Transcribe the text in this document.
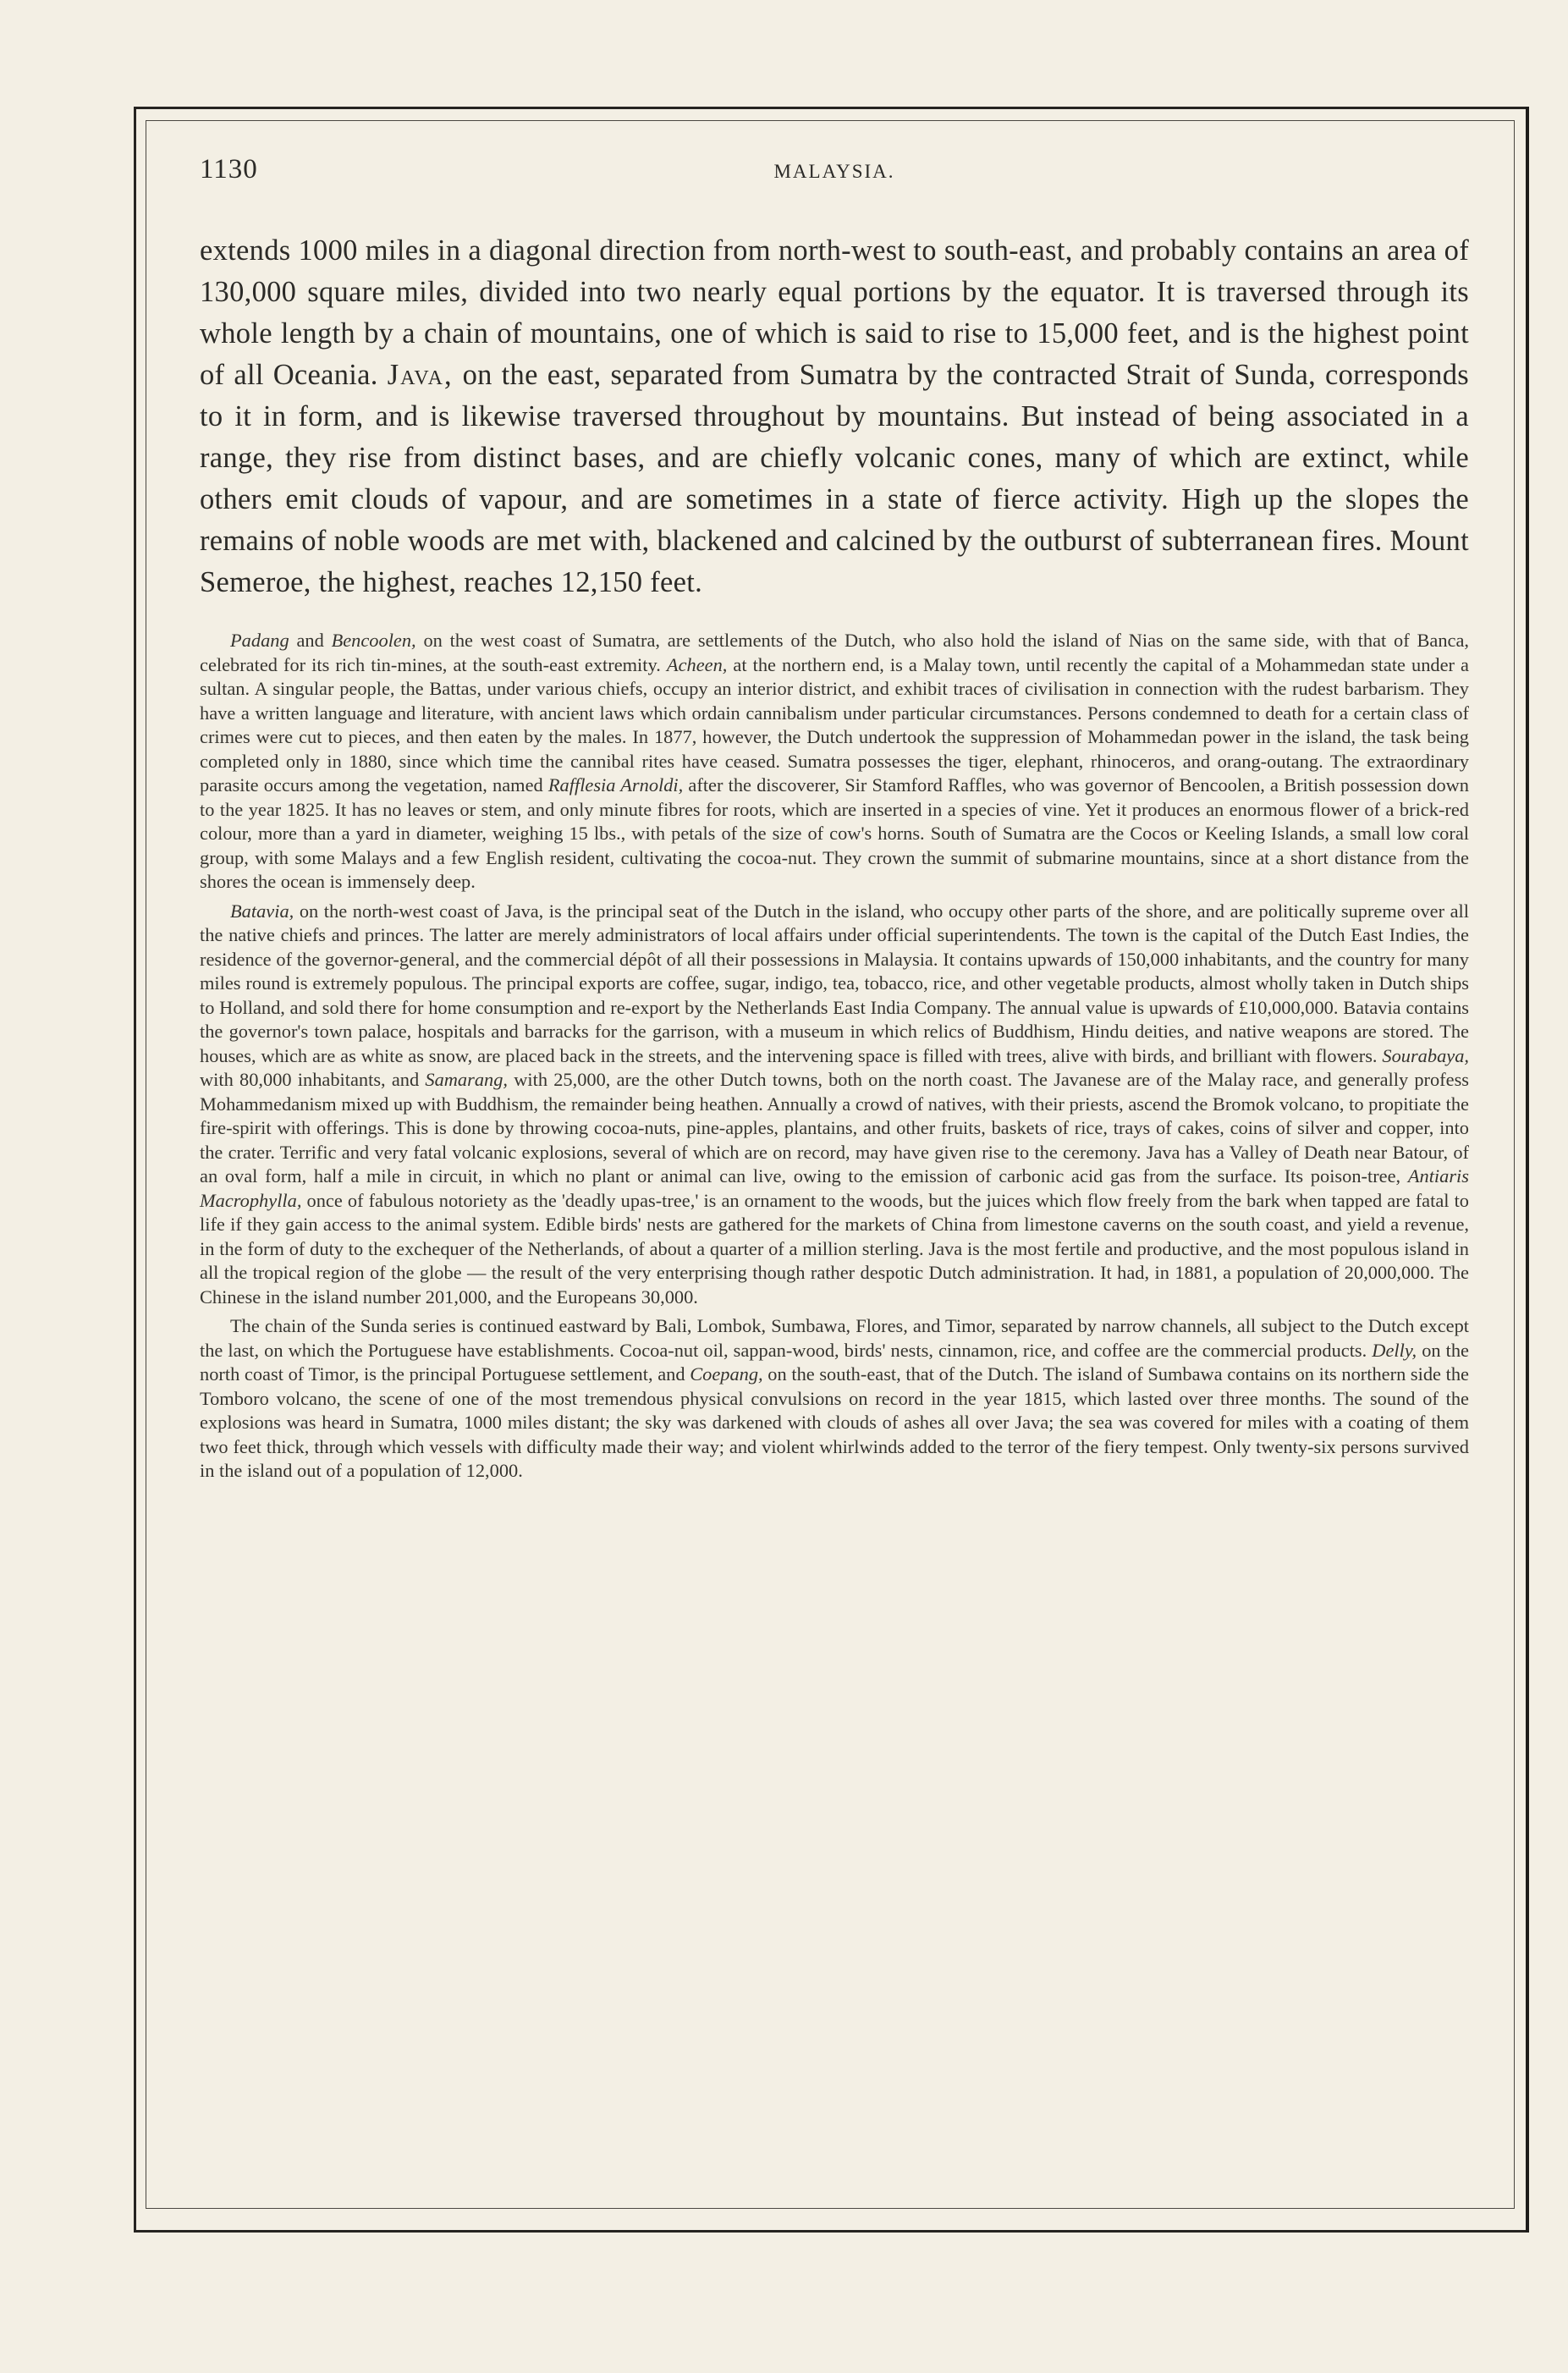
1130	MALAYSIA.

extends 1000 miles in a diagonal direction from north-west to south-east, and probably contains an area of 130,000 square miles, divided into two nearly equal portions by the equator. It is traversed through its whole length by a chain of mountains, one of which is said to rise to 15,000 feet, and is the highest point of all Oceania. Java, on the east, separated from Sumatra by the contracted Strait of Sunda, corresponds to it in form, and is likewise traversed throughout by mountains. But instead of being associated in a range, they rise from distinct bases, and are chiefly volcanic cones, many of which are extinct, while others emit clouds of vapour, and are sometimes in a state of fierce activity. High up the slopes the remains of noble woods are met with, blackened and calcined by the outburst of subterranean fires. Mount Semeroe, the highest, reaches 12,150 feet.

Padang and Bencoolen, on the west coast of Sumatra, are settlements of the Dutch, who also hold the island of Nias on the same side, with that of Banca, celebrated for its rich tin-mines, at the south-east extremity. Acheen, at the northern end, is a Malay town, until recently the capital of a Mohammedan state under a sultan. A singular people, the Battas, under various chiefs, occupy an interior district, and exhibit traces of civilisation in connection with the rudest barbarism. They have a written language and literature, with ancient laws which ordain cannibalism under particular circumstances. Persons condemned to death for a certain class of crimes were cut to pieces, and then eaten by the males. In 1877, however, the Dutch undertook the suppression of Mohammedan power in the island, the task being completed only in 1880, since which time the cannibal rites have ceased. Sumatra possesses the tiger, elephant, rhinoceros, and orang-outang. The extraordinary parasite occurs among the vegetation, named Rafflesia Arnoldi, after the discoverer, Sir Stamford Raffles, who was governor of Bencoolen, a British possession down to the year 1825. It has no leaves or stem, and only minute fibres for roots, which are inserted in a species of vine. Yet it produces an enormous flower of a brick-red colour, more than a yard in diameter, weighing 15 lbs., with petals of the size of cow's horns. South of Sumatra are the Cocos or Keeling Islands, a small low coral group, with some Malays and a few English resident, cultivating the cocoa-nut. They crown the summit of submarine mountains, since at a short distance from the shores the ocean is immensely deep.

Batavia, on the north-west coast of Java, is the principal seat of the Dutch in the island, who occupy other parts of the shore, and are politically supreme over all the native chiefs and princes. The latter are merely administrators of local affairs under official superintendents. The town is the capital of the Dutch East Indies, the residence of the governor-general, and the commercial dépôt of all their possessions in Malaysia. It contains upwards of 150,000 inhabitants, and the country for many miles round is extremely populous. The principal exports are coffee, sugar, indigo, tea, tobacco, rice, and other vegetable products, almost wholly taken in Dutch ships to Holland, and sold there for home consumption and re-export by the Netherlands East India Company. The annual value is upwards of £10,000,000. Batavia contains the governor's town palace, hospitals and barracks for the garrison, with a museum in which relics of Buddhism, Hindu deities, and native weapons are stored. The houses, which are as white as snow, are placed back in the streets, and the intervening space is filled with trees, alive with birds, and brilliant with flowers. Sourabaya, with 80,000 inhabitants, and Samarang, with 25,000, are the other Dutch towns, both on the north coast. The Javanese are of the Malay race, and generally profess Mohammedanism mixed up with Buddhism, the remainder being heathen. Annually a crowd of natives, with their priests, ascend the Bromok volcano, to propitiate the fire-spirit with offerings. This is done by throwing cocoa-nuts, pine-apples, plantains, and other fruits, baskets of rice, trays of cakes, coins of silver and copper, into the crater. Terrific and very fatal volcanic explosions, several of which are on record, may have given rise to the ceremony. Java has a Valley of Death near Batour, of an oval form, half a mile in circuit, in which no plant or animal can live, owing to the emission of carbonic acid gas from the surface. Its poison-tree, Antiaris Macrophylla, once of fabulous notoriety as the 'deadly upas-tree,' is an ornament to the woods, but the juices which flow freely from the bark when tapped are fatal to life if they gain access to the animal system. Edible birds' nests are gathered for the markets of China from limestone caverns on the south coast, and yield a revenue, in the form of duty to the exchequer of the Netherlands, of about a quarter of a million sterling. Java is the most fertile and productive, and the most populous island in all the tropical region of the globe — the result of the very enterprising though rather despotic Dutch administration. It had, in 1881, a population of 20,000,000. The Chinese in the island number 201,000, and the Europeans 30,000.

The chain of the Sunda series is continued eastward by Bali, Lombok, Sumbawa, Flores, and Timor, separated by narrow channels, all subject to the Dutch except the last, on which the Portuguese have establishments. Cocoa-nut oil, sappan-wood, birds' nests, cinnamon, rice, and coffee are the commercial products. Delly, on the north coast of Timor, is the principal Portuguese settlement, and Coepang, on the south-east, that of the Dutch. The island of Sumbawa contains on its northern side the Tomboro volcano, the scene of one of the most tremendous physical convulsions on record in the year 1815, which lasted over three months. The sound of the explosions was heard in Sumatra, 1000 miles distant; the sky was darkened with clouds of ashes all over Java; the sea was covered for miles with a coating of them two feet thick, through which vessels with difficulty made their way; and violent whirlwinds added to the terror of the fiery tempest. Only twenty-six persons survived in the island out of a population of 12,000.
